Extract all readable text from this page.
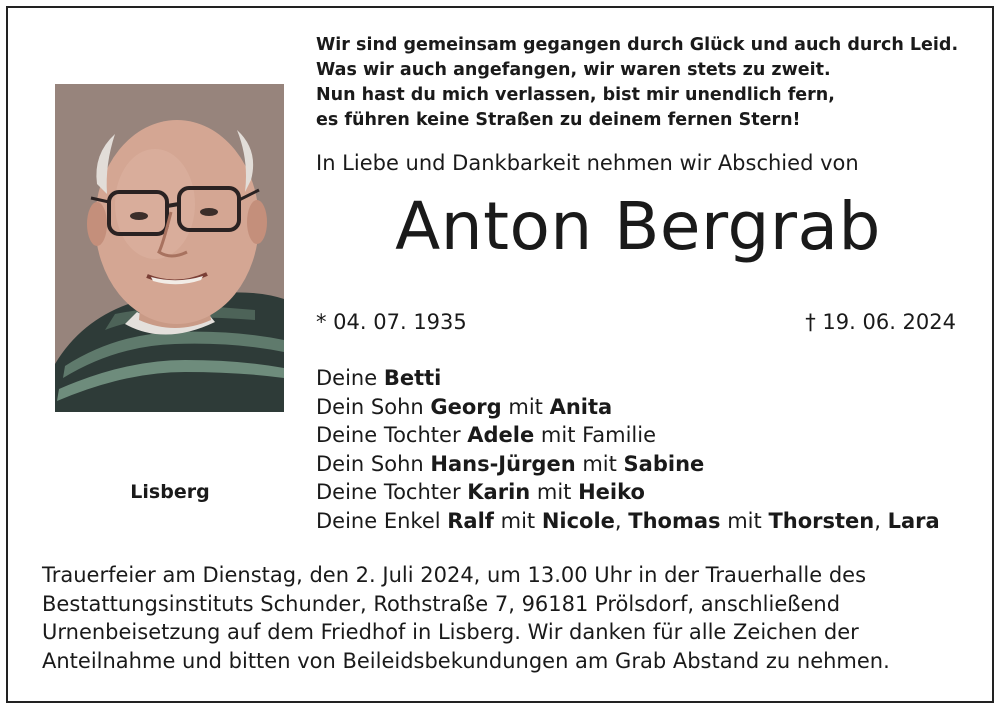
Lisberg
Wir sind gemeinsam gegangen durch Glück und auch durch Leid.
Was wir auch angefangen, wir waren stets zu zweit.
Nun hast du mich verlassen, bist mir unendlich fern,
es führen keine Straßen zu deinem fernen Stern!
In Liebe und Dankbarkeit nehmen wir Abschied von
Anton Bergrab
* 04. 07. 1935	† 19. 06. 2024
Deine Betti
Dein Sohn Georg mit Anita
Deine Tochter Adele mit Familie
Dein Sohn Hans-Jürgen mit Sabine
Deine Tochter Karin mit Heiko
Deine Enkel Ralf mit Nicole, Thomas mit Thorsten, Lara
Trauerfeier am Dienstag, den 2. Juli 2024, um 13.00 Uhr in der Trauerhalle des
Bestattungsinstituts Schunder, Rothstraße 7, 96181 Prölsdorf, anschließend
Urnenbeisetzung auf dem Friedhof in Lisberg. Wir danken für alle Zeichen der
Anteilnahme und bitten von Beileidsbekundungen am Grab Abstand zu nehmen.
